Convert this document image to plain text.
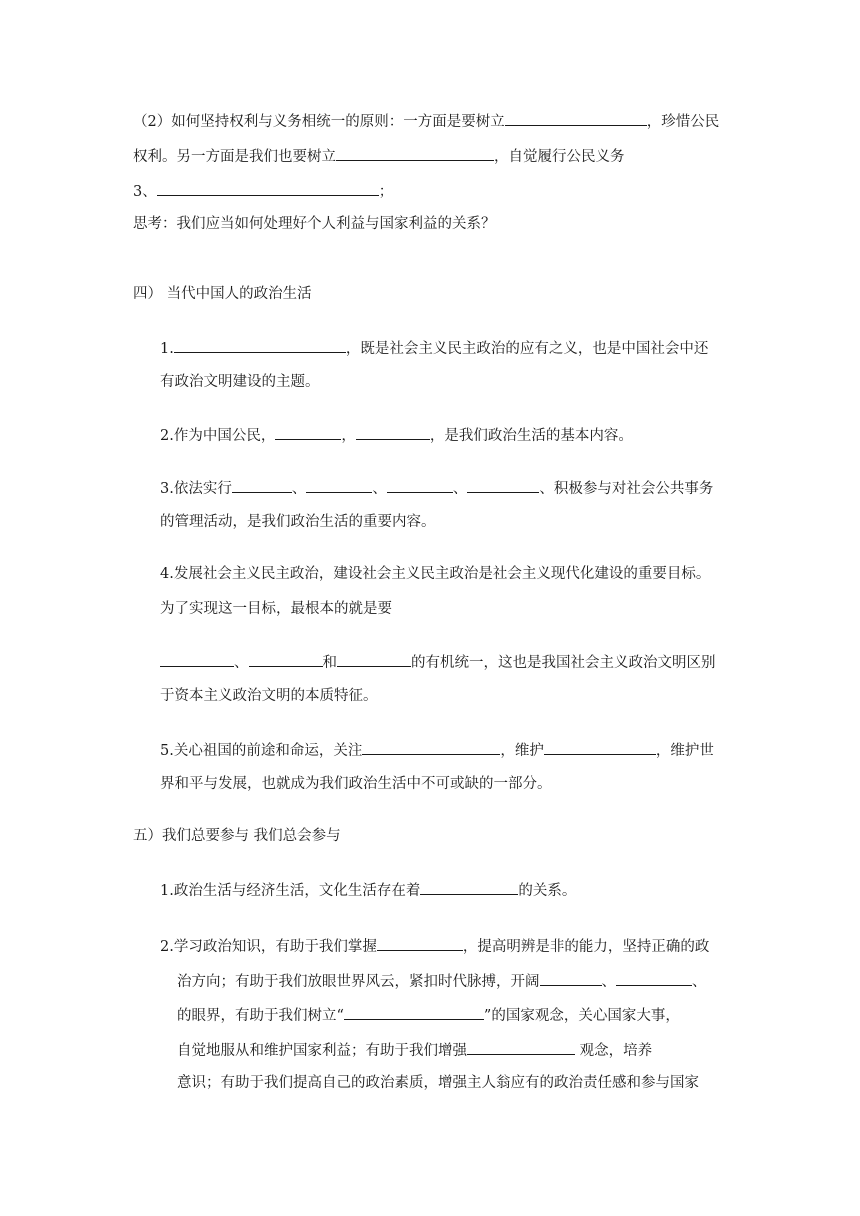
（2）如何坚持权利与义务相统一的原则：一方面是要树立	，珍惜公民
权利。另一方面是我们也要树立	，自觉履行公民义务
3、	；
思考：我们应当如何处理好个人利益与国家利益的关系？
四） 当代中国人的政治生活
1.	，既是社会主义民主政治的应有之义，也是中国社会中还
有政治文明建设的主题。
2.作为中国公民，	，	，是我们政治生活的基本内容。
3.依法实行	、	、	、	、积极参与对社会公共事务
的管理活动，是我们政治生活的重要内容。
4.发展社会主义民主政治，建设社会主义民主政治是社会主义现代化建设的重要目标。
为了实现这一目标，最根本的就是要
、	和	的有机统一，这也是我国社会主义政治文明区别
于资本主义政治文明的本质特征。
5.关心祖国的前途和命运，关注	，维护	，维护世
界和平与发展，也就成为我们政治生活中不可或缺的一部分。
五）我们总要参与 我们总会参与
1.政治生活与经济生活，文化生活存在着	的关系。
2.学习政治知识，有助于我们掌握	，提高明辨是非的能力，坚持正确的政
治方向；有助于我们放眼世界风云，紧扣时代脉搏，开阔	、	、
的眼界，有助于我们树立“	”的国家观念，关心国家大事，
自觉地服从和维护国家利益；有助于我们增强	观念，培养
意识；有助于我们提高自己的政治素质，增强主人翁应有的政治责任感和参与国家
